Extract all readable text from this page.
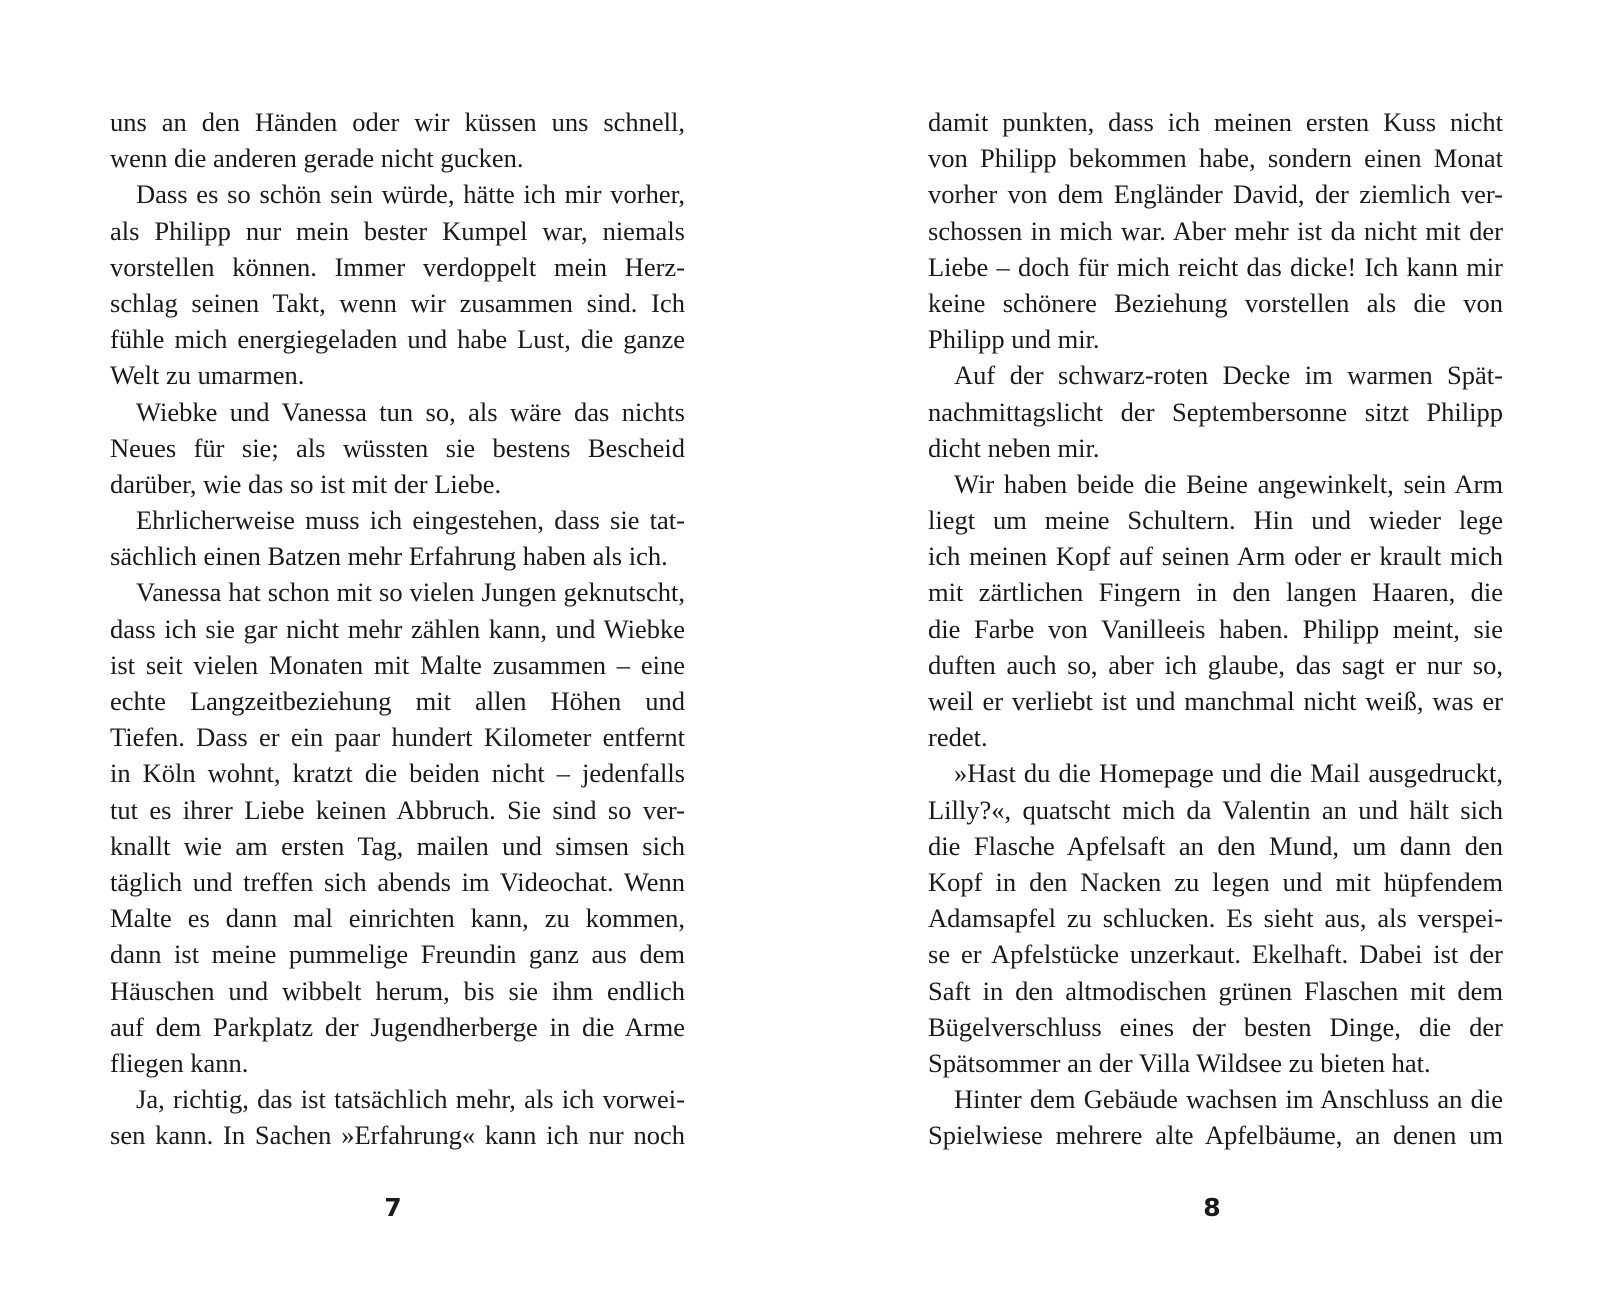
uns an den Händen oder wir küssen uns schnell,
wenn die anderen gerade nicht gucken.
Dass es so schön sein würde, hätte ich mir vorher,
als Philipp nur mein bester Kumpel war, niemals
vorstellen können. Immer verdoppelt mein Herz-
schlag seinen Takt, wenn wir zusammen sind. Ich
fühle mich energiegeladen und habe Lust, die ganze
Welt zu umarmen.
Wiebke und Vanessa tun so, als wäre das nichts
Neues für sie; als wüssten sie bestens Bescheid
darüber, wie das so ist mit der Liebe.
Ehrlicherweise muss ich eingestehen, dass sie tat-
sächlich einen Batzen mehr Erfahrung haben als ich.
Vanessa hat schon mit so vielen Jungen geknutscht,
dass ich sie gar nicht mehr zählen kann, und Wiebke
ist seit vielen Monaten mit Malte zusammen – eine
echte Langzeitbeziehung mit allen Höhen und
Tiefen. Dass er ein paar hundert Kilometer entfernt
in Köln wohnt, kratzt die beiden nicht – jedenfalls
tut es ihrer Liebe keinen Abbruch. Sie sind so ver-
knallt wie am ersten Tag, mailen und simsen sich
täglich und treffen sich abends im Videochat. Wenn
Malte es dann mal einrichten kann, zu kommen,
dann ist meine pummelige Freundin ganz aus dem
Häuschen und wibbelt herum, bis sie ihm endlich
auf dem Parkplatz der Jugendherberge in die Arme
fliegen kann.
Ja, richtig, das ist tatsächlich mehr, als ich vorwei-
sen kann. In Sachen »Erfahrung« kann ich nur noch
damit punkten, dass ich meinen ersten Kuss nicht
von Philipp bekommen habe, sondern einen Monat
vorher von dem Engländer David, der ziemlich ver-
schossen in mich war. Aber mehr ist da nicht mit der
Liebe – doch für mich reicht das dicke! Ich kann mir
keine schönere Beziehung vorstellen als die von
Philipp und mir.
Auf der schwarz-roten Decke im warmen Spät-
nachmittagslicht der Septembersonne sitzt Philipp
dicht neben mir.
Wir haben beide die Beine angewinkelt, sein Arm
liegt um meine Schultern. Hin und wieder lege
ich meinen Kopf auf seinen Arm oder er krault mich
mit zärtlichen Fingern in den langen Haaren, die
die Farbe von Vanilleeis haben. Philipp meint, sie
duften auch so, aber ich glaube, das sagt er nur so,
weil er verliebt ist und manchmal nicht weiß, was er
redet.
»Hast du die Homepage und die Mail ausgedruckt,
Lilly?«, quatscht mich da Valentin an und hält sich
die Flasche Apfelsaft an den Mund, um dann den
Kopf in den Nacken zu legen und mit hüpfendem
Adamsapfel zu schlucken. Es sieht aus, als verspei-
se er Apfelstücke unzerkaut. Ekelhaft. Dabei ist der
Saft in den altmodischen grünen Flaschen mit dem
Bügelverschluss eines der besten Dinge, die der
Spätsommer an der Villa Wildsee zu bieten hat.
Hinter dem Gebäude wachsen im Anschluss an die
Spielwiese mehrere alte Apfelbäume, an denen um
7	8
